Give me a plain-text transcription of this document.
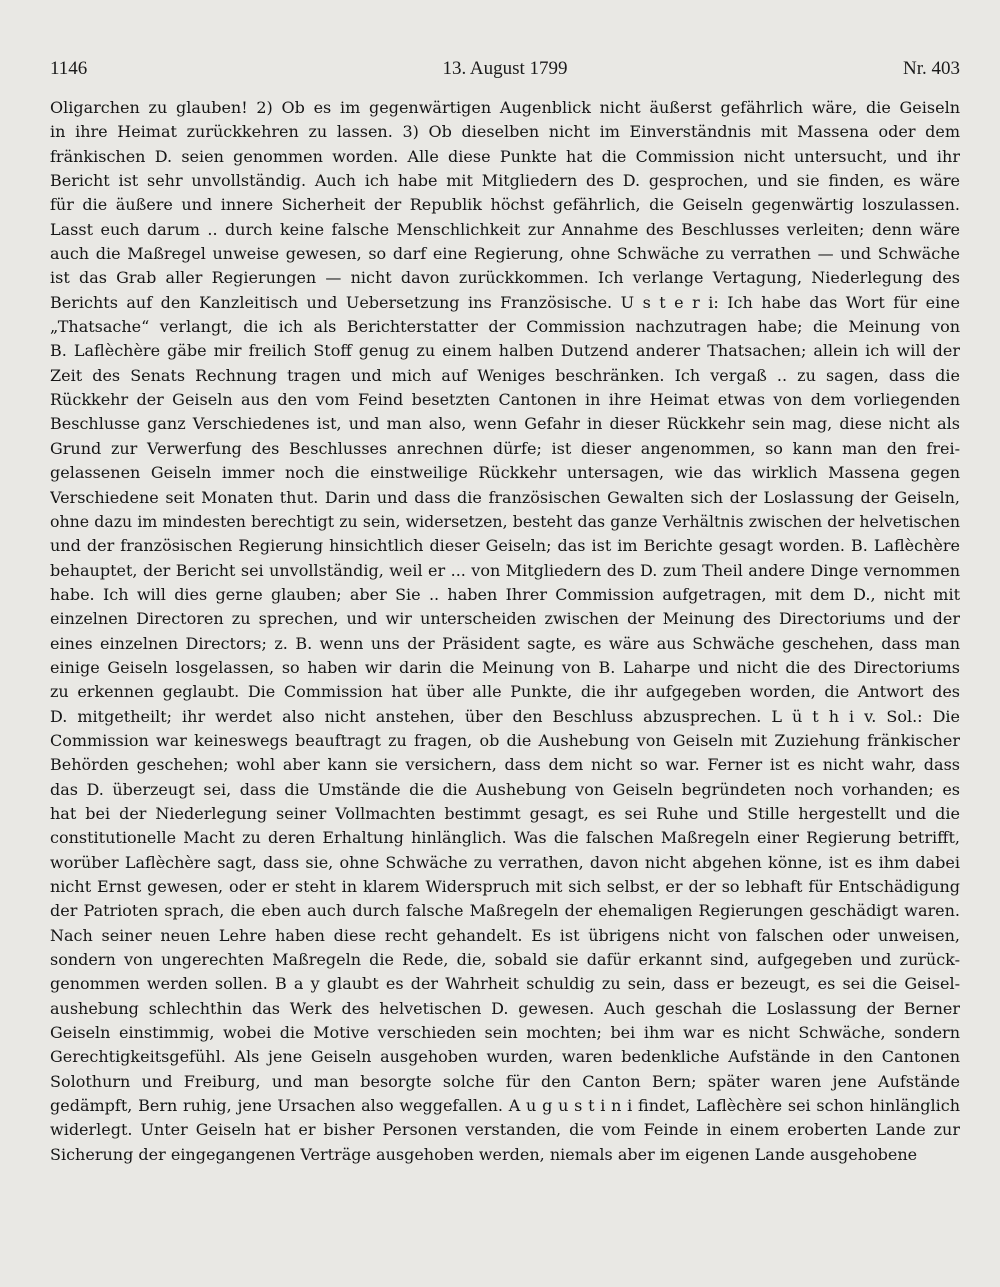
1146	13. August 1799	Nr. 403
Oligarchen zu glauben! 2) Ob es im gegenwärtigen Augenblick nicht äußerst gefährlich wäre, die Geiseln
in ihre Heimat zurückkehren zu lassen. 3) Ob dieselben nicht im Einverständnis mit Massena oder dem
fränkischen D. seien genommen worden. Alle diese Punkte hat die Commission nicht untersucht, und ihr
Bericht ist sehr unvollständig. Auch ich habe mit Mitgliedern des D. gesprochen, und sie finden, es wäre
für die äußere und innere Sicherheit der Republik höchst gefährlich, die Geiseln gegenwärtig loszulassen.
Lasst euch darum .. durch keine falsche Menschlichkeit zur Annahme des Beschlusses verleiten; denn wäre
auch die Maßregel unweise gewesen, so darf eine Regierung, ohne Schwäche zu verrathen — und Schwäche
ist das Grab aller Regierungen — nicht davon zurückkommen. Ich verlange Vertagung, Niederlegung des
Berichts auf den Kanzleitisch und Uebersetzung ins Französische. U s t e r i: Ich habe das Wort für eine
„Thatsache“ verlangt, die ich als Berichterstatter der Commission nachzutragen habe; die Meinung von
B. Laflèchère gäbe mir freilich Stoff genug zu einem halben Dutzend anderer Thatsachen; allein ich will der
Zeit des Senats Rechnung tragen und mich auf Weniges beschränken. Ich vergaß .. zu sagen, dass die
Rückkehr der Geiseln aus den vom Feind besetzten Cantonen in ihre Heimat etwas von dem vorliegenden
Beschlusse ganz Verschiedenes ist, und man also, wenn Gefahr in dieser Rückkehr sein mag, diese nicht als
Grund zur Verwerfung des Beschlusses anrechnen dürfe; ist dieser angenommen, so kann man den frei-
gelassenen Geiseln immer noch die einstweilige Rückkehr untersagen, wie das wirklich Massena gegen
Verschiedene seit Monaten thut. Darin und dass die französischen Gewalten sich der Loslassung der Geiseln,
ohne dazu im mindesten berechtigt zu sein, widersetzen, besteht das ganze Verhältnis zwischen der helvetischen
und der französischen Regierung hinsichtlich dieser Geiseln; das ist im Berichte gesagt worden. B. Laflèchère
behauptet, der Bericht sei unvollständig, weil er ... von Mitgliedern des D. zum Theil andere Dinge vernommen
habe. Ich will dies gerne glauben; aber Sie .. haben Ihrer Commission aufgetragen, mit dem D., nicht mit
einzelnen Directoren zu sprechen, und wir unterscheiden zwischen der Meinung des Directoriums und der
eines einzelnen Directors; z. B. wenn uns der Präsident sagte, es wäre aus Schwäche geschehen, dass man
einige Geiseln losgelassen, so haben wir darin die Meinung von B. Laharpe und nicht die des Directoriums
zu erkennen geglaubt. Die Commission hat über alle Punkte, die ihr aufgegeben worden, die Antwort des
D. mitgetheilt; ihr werdet also nicht anstehen, über den Beschluss abzusprechen. L ü t h i v. Sol.: Die
Commission war keineswegs beauftragt zu fragen, ob die Aushebung von Geiseln mit Zuziehung fränkischer
Behörden geschehen; wohl aber kann sie versichern, dass dem nicht so war. Ferner ist es nicht wahr, dass
das D. überzeugt sei, dass die Umstände die die Aushebung von Geiseln begründeten noch vorhanden; es
hat bei der Niederlegung seiner Vollmachten bestimmt gesagt, es sei Ruhe und Stille hergestellt und die
constitutionelle Macht zu deren Erhaltung hinlänglich. Was die falschen Maßregeln einer Regierung betrifft,
worüber Laflèchère sagt, dass sie, ohne Schwäche zu verrathen, davon nicht abgehen könne, ist es ihm dabei
nicht Ernst gewesen, oder er steht in klarem Widerspruch mit sich selbst, er der so lebhaft für Entschädigung
der Patrioten sprach, die eben auch durch falsche Maßregeln der ehemaligen Regierungen geschädigt waren.
Nach seiner neuen Lehre haben diese recht gehandelt. Es ist übrigens nicht von falschen oder unweisen,
sondern von ungerechten Maßregeln die Rede, die, sobald sie dafür erkannt sind, aufgegeben und zurück-
genommen werden sollen. B a y glaubt es der Wahrheit schuldig zu sein, dass er bezeugt, es sei die Geisel-
aushebung schlechthin das Werk des helvetischen D. gewesen. Auch geschah die Loslassung der Berner
Geiseln einstimmig, wobei die Motive verschieden sein mochten; bei ihm war es nicht Schwäche, sondern
Gerechtigkeitsgefühl. Als jene Geiseln ausgehoben wurden, waren bedenkliche Aufstände in den Cantonen
Solothurn und Freiburg, und man besorgte solche für den Canton Bern; später waren jene Aufstände
gedämpft, Bern ruhig, jene Ursachen also weggefallen. A u g u s t i n i findet, Laflèchère sei schon hinlänglich
widerlegt. Unter Geiseln hat er bisher Personen verstanden, die vom Feinde in einem eroberten Lande zur
Sicherung der eingegangenen Verträge ausgehoben werden, niemals aber im eigenen Lande ausgehobene
